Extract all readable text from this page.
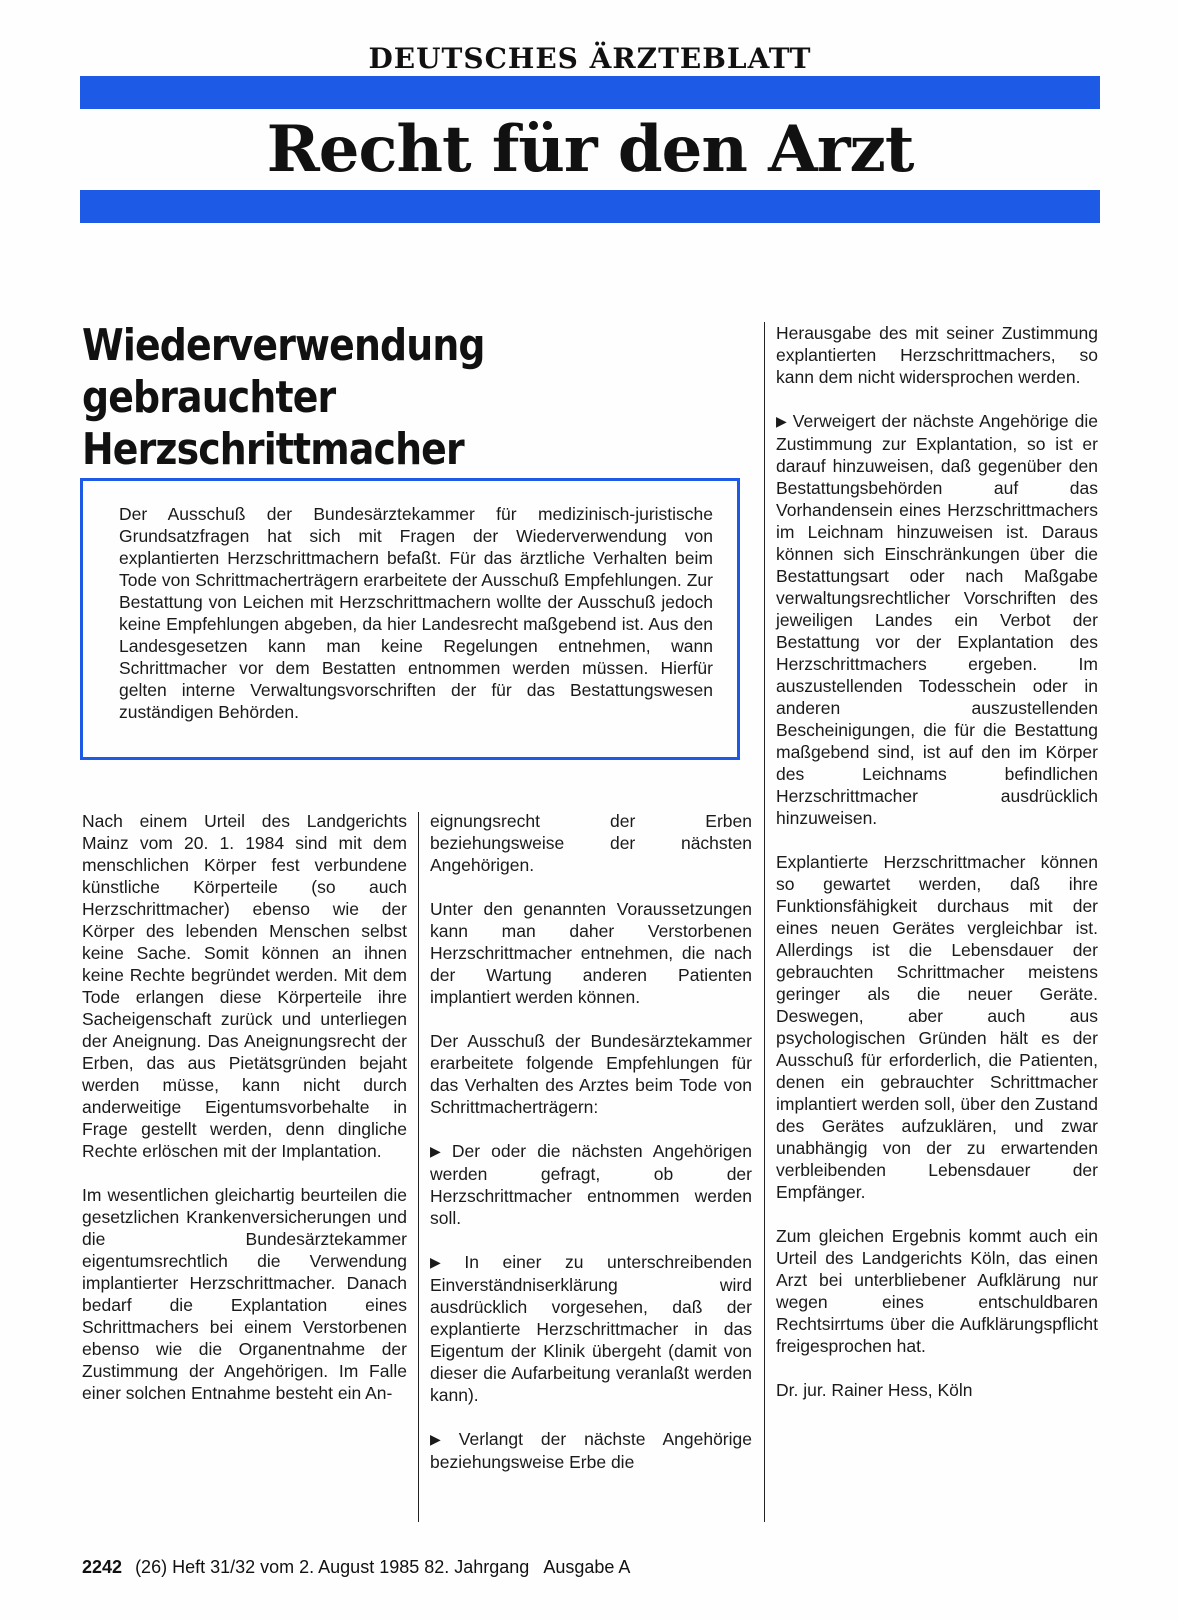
DEUTSCHES ÄRZTEBLATT
Recht für den Arzt
Wiederverwendung
gebrauchter Herzschrittmacher

Der Ausschuß der Bundesärztekammer für medizinisch-juristische Grundsatzfragen hat sich mit Fragen der Wiederverwendung von explantierten Herzschrittmachern befaßt. Für das ärztliche Verhalten beim Tode von Schrittmacherträgern erarbeitete der Ausschuß Empfehlungen. Zur Bestattung von Leichen mit Herzschrittmachern wollte der Ausschuß jedoch keine Empfehlungen abgeben, da hier Landesrecht maßgebend ist. Aus den Landesgesetzen kann man keine Regelungen entnehmen, wann Schrittmacher vor dem Bestatten entnommen werden müssen. Hierfür gelten interne Verwaltungsvorschriften der für das Bestattungswesen zuständigen Behörden.

Nach einem Urteil des Landgerichts Mainz vom 20. 1. 1984 sind mit dem menschlichen Körper fest verbundene künstliche Körperteile (so auch Herzschrittmacher) ebenso wie der Körper des lebenden Menschen selbst keine Sache. Somit können an ihnen keine Rechte begründet werden. Mit dem Tode erlangen diese Körperteile ihre Sacheigenschaft zurück und unterliegen der Aneignung. Das Aneignungsrecht der Erben, das aus Pietätsgründen bejaht werden müsse, kann nicht durch anderweitige Eigentumsvorbehalte in Frage gestellt werden, denn dingliche Rechte erlöschen mit der Implantation.

Im wesentlichen gleichartig beurteilen die gesetzlichen Krankenversicherungen und die Bundesärztekammer eigentumsrechtlich die Verwendung implantierter Herzschrittmacher. Danach bedarf die Explantation eines Schrittmachers bei einem Verstorbenen ebenso wie die Organentnahme der Zustimmung der Angehörigen. Im Falle einer solchen Entnahme besteht ein An-

eignungsrecht der Erben beziehungsweise der nächsten Angehörigen.

Unter den genannten Voraussetzungen kann man daher Verstorbenen Herzschrittmacher entnehmen, die nach der Wartung anderen Patienten implantiert werden können.

Der Ausschuß der Bundesärztekammer erarbeitete folgende Empfehlungen für das Verhalten des Arztes beim Tode von Schrittmacherträgern:

▶ Der oder die nächsten Angehörigen werden gefragt, ob der Herzschrittmacher entnommen werden soll.

▶ In einer zu unterschreibenden Einverständniserklärung wird ausdrücklich vorgesehen, daß der explantierte Herzschrittmacher in das Eigentum der Klinik übergeht (damit von dieser die Aufarbeitung veranlaßt werden kann).

▶ Verlangt der nächste Angehörige beziehungsweise Erbe die

Herausgabe des mit seiner Zustimmung explantierten Herzschrittmachers, so kann dem nicht widersprochen werden.

▶ Verweigert der nächste Angehörige die Zustimmung zur Explantation, so ist er darauf hinzuweisen, daß gegenüber den Bestattungsbehörden auf das Vorhandensein eines Herzschrittmachers im Leichnam hinzuweisen ist. Daraus können sich Einschränkungen über die Bestattungsart oder nach Maßgabe verwaltungsrechtlicher Vorschriften des jeweiligen Landes ein Verbot der Bestattung vor der Explantation des Herzschrittmachers ergeben. Im auszustellenden Todesschein oder in anderen auszustellenden Bescheinigungen, die für die Bestattung maßgebend sind, ist auf den im Körper des Leichnams befindlichen Herzschrittmacher ausdrücklich hinzuweisen.

Explantierte Herzschrittmacher können so gewartet werden, daß ihre Funktionsfähigkeit durchaus mit der eines neuen Gerätes vergleichbar ist. Allerdings ist die Lebensdauer der gebrauchten Schrittmacher meistens geringer als die neuer Geräte. Deswegen, aber auch aus psychologischen Gründen hält es der Ausschuß für erforderlich, die Patienten, denen ein gebrauchter Schrittmacher implantiert werden soll, über den Zustand des Gerätes aufzuklären, und zwar unabhängig von der zu erwartenden verbleibenden Lebensdauer der Empfänger.

Zum gleichen Ergebnis kommt auch ein Urteil des Landgerichts Köln, das einen Arzt bei unterbliebener Aufklärung nur wegen eines entschuldbaren Rechtsirrtums über die Aufklärungspflicht freigesprochen hat.

Dr. jur. Rainer Hess, Köln

2242 (26) Heft 31/32 vom 2. August 1985 82. Jahrgang Ausgabe A
